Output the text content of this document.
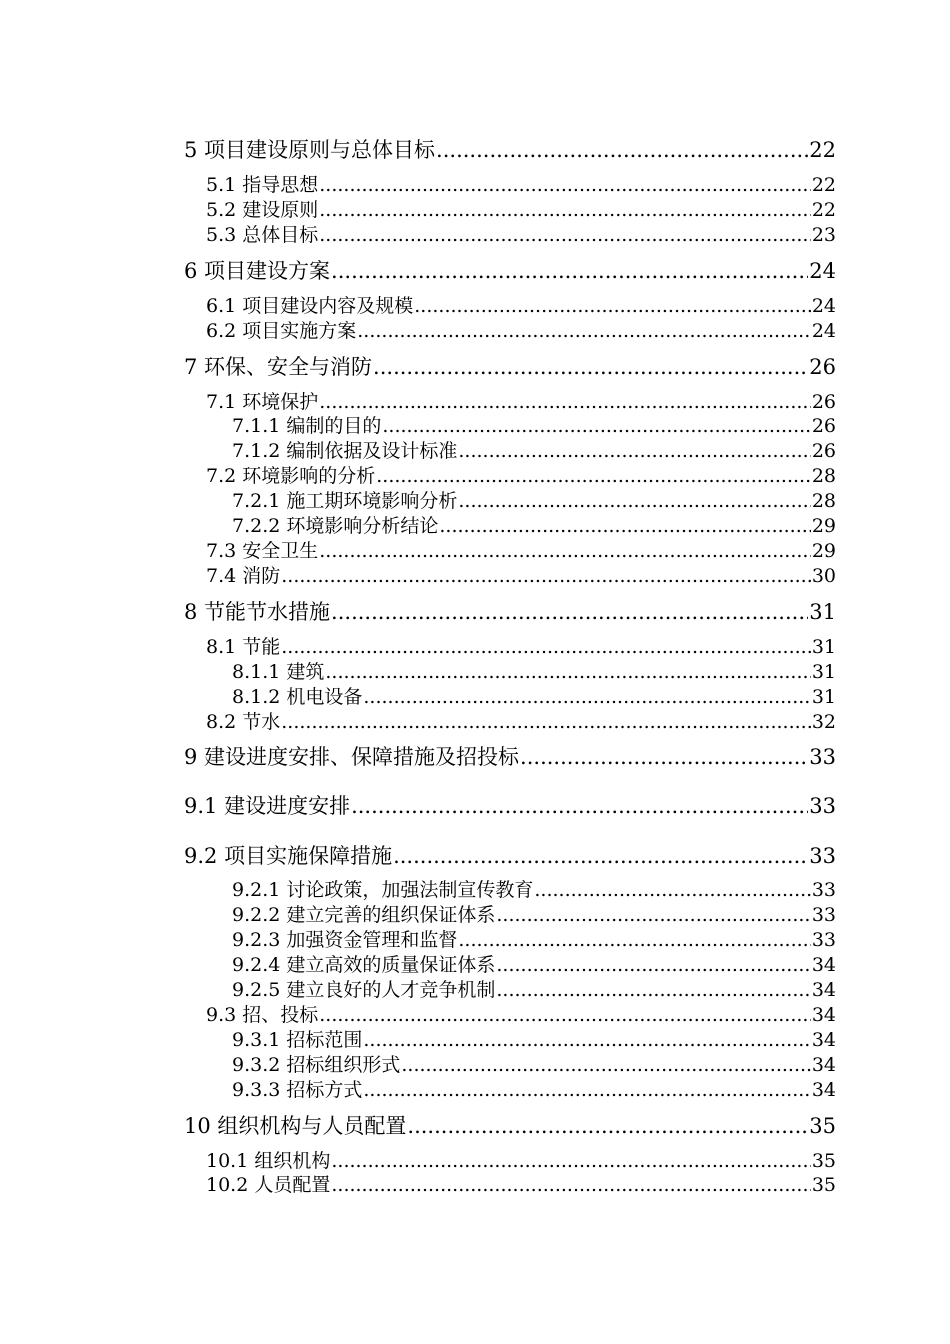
5 项目建设原则与总体目标 .....	22
5.1 指导思想 .....	22
5.2 建设原则 .....	22
5.3 总体目标 .....	23
6 项目建设方案 .....	24
6.1 项目建设内容及规模 .....	24
6.2 项目实施方案 .....	24
7 环保、安全与消防 .....	26
7.1 环境保护 .....	26
7.1.1 编制的目的 .....	26
7.1.2 编制依据及设计标准 .....	26
7.2 环境影响的分析 .....	28
7.2.1 施工期环境影响分析 .....	28
7.2.2 环境影响分析结论 .....	29
7.3 安全卫生 .....	29
7.4 消防 .....	30
8 节能节水措施 .....	31
8.1 节能 .....	31
8.1.1 建筑 .....	31
8.1.2 机电设备 .....	31
8.2 节水 .....	32
9 建设进度安排、保障措施及招投标 .....	33
9.1 建设进度安排 .....	33
9.2 项目实施保障措施 .....	33
9.2.1 讨论政策，加强法制宣传教育 .....	33
9.2.2 建立完善的组织保证体系 .....	33
9.2.3 加强资金管理和监督 .....	33
9.2.4 建立高效的质量保证体系 .....	34
9.2.5 建立良好的人才竞争机制 .....	34
9.3 招、投标 .....	34
9.3.1 招标范围 .....	34
9.3.2 招标组织形式 .....	34
9.3.3 招标方式 .....	34
10 组织机构与人员配置 .....	35
10.1 组织机构 .....	35
10.2 人员配置 .....	35
